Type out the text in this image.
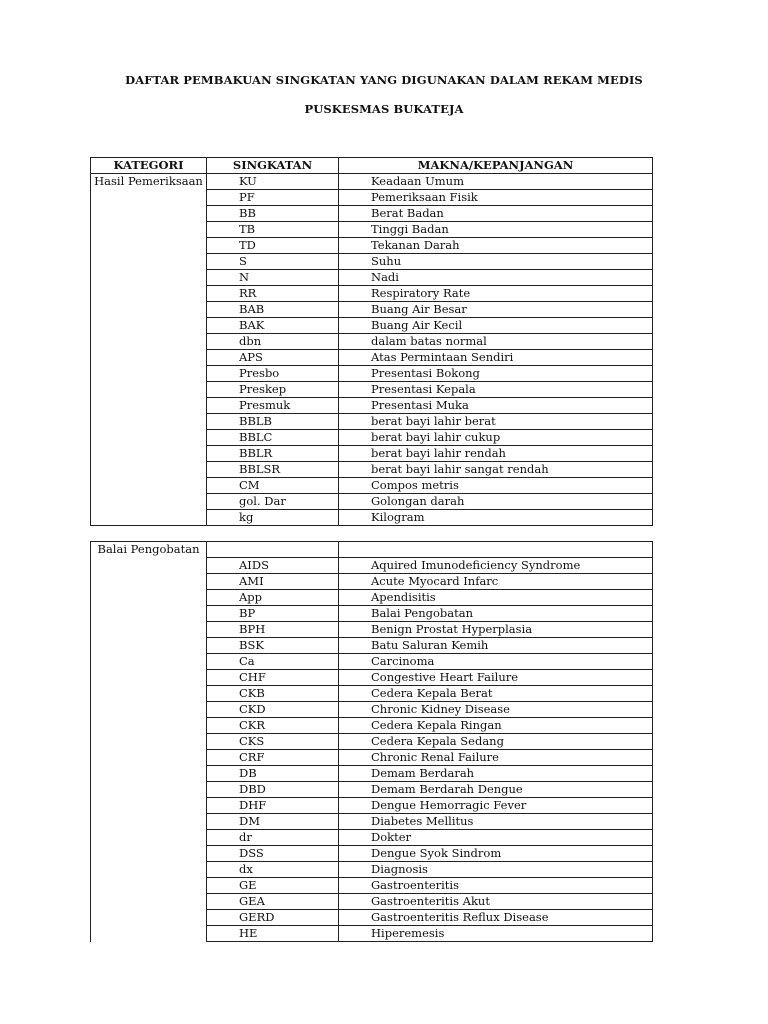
DAFTAR PEMBAKUAN SINGKATAN YANG DIGUNAKAN DALAM REKAM MEDIS
PUSKESMAS BUKATEJA
KATEGORI	SINGKATAN	MAKNA/KEPANJANGAN
Hasil Pemeriksaan	KU	Keadaan Umum
	PF	Pemeriksaan Fisik
	BB	Berat Badan
	TB	Tinggi Badan
	TD	Tekanan Darah
	S	Suhu
	N	Nadi
	RR	Respiratory Rate
	BAB	Buang Air Besar
	BAK	Buang Air Kecil
	dbn	dalam batas normal
	APS	Atas Permintaan Sendiri
	Presbo	Presentasi Bokong
	Preskep	Presentasi Kepala
	Presmuk	Presentasi Muka
	BBLB	berat bayi lahir berat
	BBLC	berat bayi lahir cukup
	BBLR	berat bayi lahir rendah
	BBLSR	berat bayi lahir sangat rendah
	CM	Compos metris
	gol. Dar	Golongan darah
	kg	Kilogram
Balai Pengobatan		
	AIDS	Aquired Imunodeficiency Syndrome
	AMI	Acute Myocard Infarc
	App	Apendisitis
	BP	Balai Pengobatan
	BPH	Benign Prostat Hyperplasia
	BSK	Batu Saluran Kemih
	Ca	Carcinoma
	CHF	Congestive Heart Failure
	CKB	Cedera Kepala Berat
	CKD	Chronic Kidney Disease
	CKR	Cedera Kepala Ringan
	CKS	Cedera Kepala Sedang
	CRF	Chronic Renal Failure
	DB	Demam Berdarah
	DBD	Demam Berdarah Dengue
	DHF	Dengue Hemorragic Fever
	DM	Diabetes Mellitus
	dr	Dokter
	DSS	Dengue Syok Sindrom
	dx	Diagnosis
	GE	Gastroenteritis
	GEA	Gastroenteritis Akut
	GERD	Gastroenteritis Reflux Disease
	HE	Hiperemesis
